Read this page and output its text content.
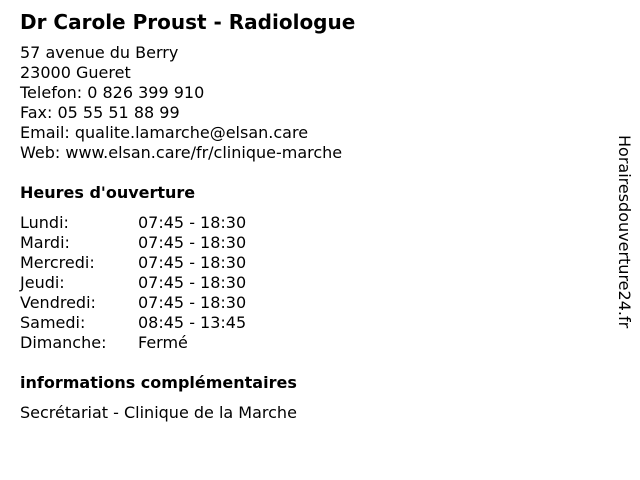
Dr Carole Proust - Radiologue
57 avenue du Berry
23000 Gueret
Telefon: 0 826 399 910
Fax: 05 55 51 88 99
Email: qualite.lamarche@elsan.care
Web: www.elsan.care/fr/clinique-marche
Heures d'ouverture
Lundi:	07:45 - 18:30
Mardi:	07:45 - 18:30
Mercredi:	07:45 - 18:30
Jeudi:	07:45 - 18:30
Vendredi:	07:45 - 18:30
Samedi:	08:45 - 13:45
Dimanche:	Fermé
informations complémentaires
Secrétariat - Clinique de la Marche
Horairesdouverture24.fr
